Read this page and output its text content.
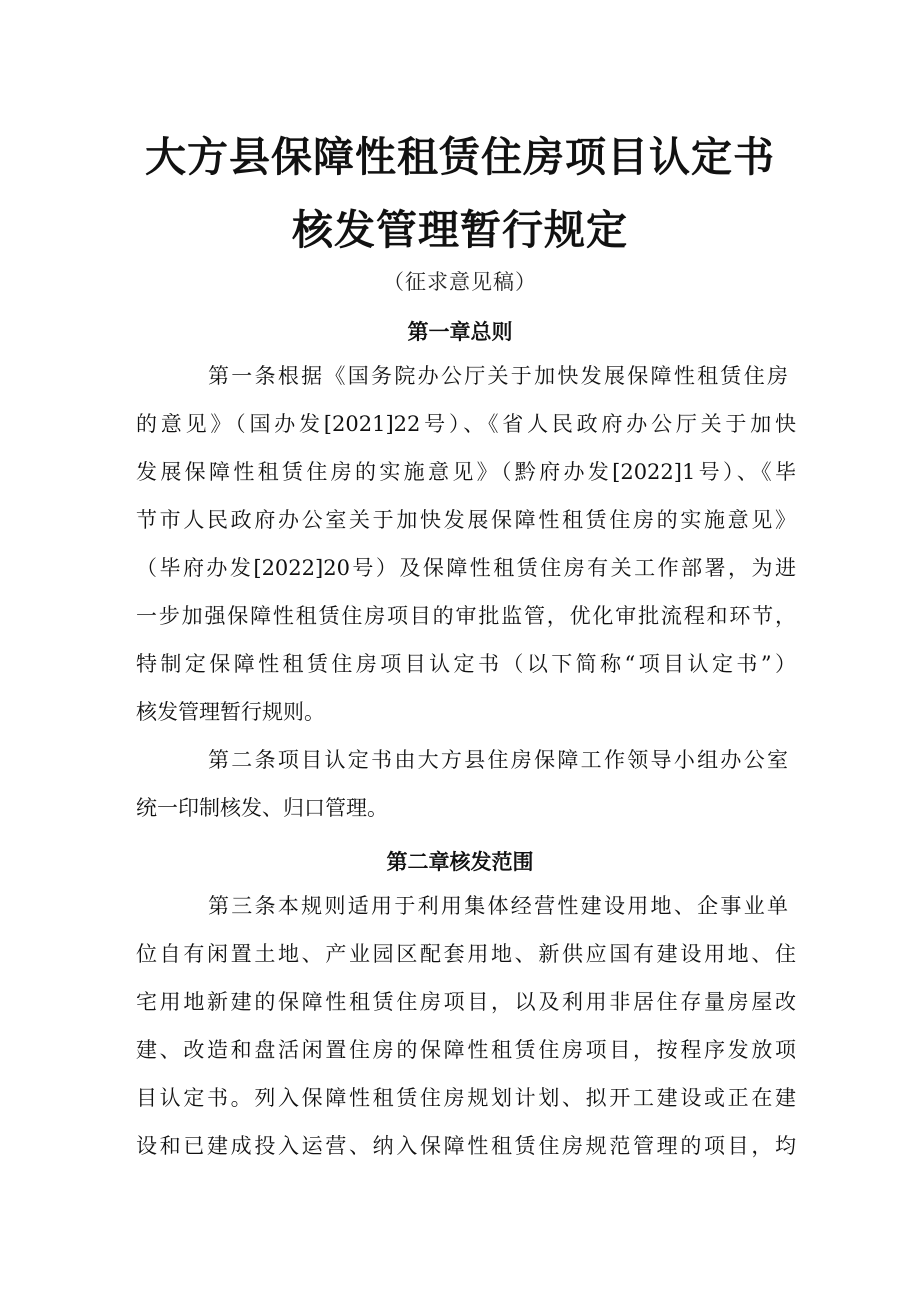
大方县保障性租赁住房项目认定书
核发管理暂行规定
（征求意见稿）
第一章总则
第一条根据《国务院办公厅关于加快发展保障性租赁住房
的意见》（国办发[2021]22号）、《省人民政府办公厅关于加快
发展保障性租赁住房的实施意见》（黔府办发[2022]1号）、《毕
节市人民政府办公室关于加快发展保障性租赁住房的实施意见》
（毕府办发[2022]20号）及保障性租赁住房有关工作部署，为进
一步加强保障性租赁住房项目的审批监管，优化审批流程和环节，
特制定保障性租赁住房项目认定书（以下简称“项目认定书”）
核发管理暂行规则。
第二条项目认定书由大方县住房保障工作领导小组办公室
统一印制核发、归口管理。
第二章核发范围
第三条本规则适用于利用集体经营性建设用地、企事业单
位自有闲置土地、产业园区配套用地、新供应国有建设用地、住
宅用地新建的保障性租赁住房项目，以及利用非居住存量房屋改
建、改造和盘活闲置住房的保障性租赁住房项目，按程序发放项
目认定书。列入保障性租赁住房规划计划、拟开工建设或正在建
设和已建成投入运营、纳入保障性租赁住房规范管理的项目，均
